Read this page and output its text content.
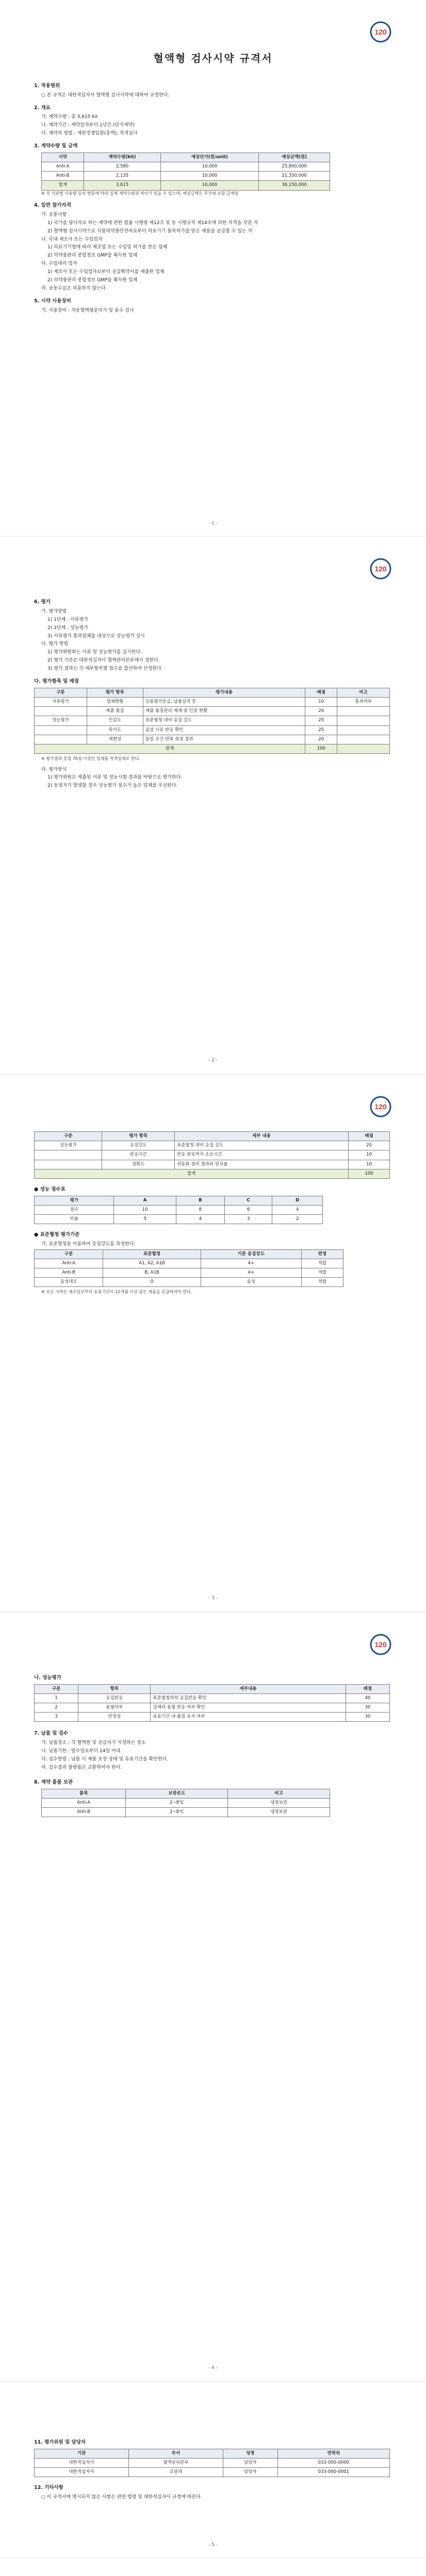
120
혈액형 검사시약 규격서
1. 적용범위
○ 본 규격은 대한적십자사 혈액형 검사시약에 대하여 규정한다.
2. 개요
가. 계약수량 : 총 3,615 kit
나. 계약기간 : 계약일자부터 1년간 (단가계약)
다. 계약의 방법 : 제한경쟁입찰(총액), 적격심사
3. 계약수량 및 금액
시약	계약수량(kit)	예상단가(원/unit)	예상금액(원)
Anti-A	2,580	10,000	25,800,000
Anti-B	2,135	10,000	21,350,000
합계	3,615	10,000	36,150,000
※ 각 기관별 사용량 등의 변동에 따라 실제 계약수량과 차이가 있을 수 있으며, 예상금액은 부가세 포함 금액임
4. 일반 참가자격
가. 공통사항
1) 국가를 당사자로 하는 계약에 관한 법률 시행령 제12조 및 동 시행규칙 제14조에 의한 자격을 갖춘 자
2) 혈액형 검사시약으로 식품의약품안전처로부터 의료기기 품목허가를 받은 제품을 공급할 수 있는 자
나. 국내 제조사 또는 수입업자
1) 의료기기법에 따라 제조업 또는 수입업 허가를 받은 업체
2) 의약품관리 종합정보 GMP를 획득한 업체
다. 수입대리 업자
1) 제조사 또는 수입업자로부터 공급확약서를 제출한 업체
2) 의약품관리 종합정보 GMP를 획득한 업체
라. 공동수급은 허용하지 않는다.
5. 시약 사용장비
가. 사용장비 : 자동혈액형분석기 및 용수 검사
- 1 -
120
6. 평가
가. 평가방법
1) 1단계 : 서류평가
2) 2단계 : 성능평가
3) 서류평가 통과업체를 대상으로 성능평가 실시
나. 평가 방법
1) 평가위원회는 서류 및 성능평가를 실시한다.
2) 평가 기준은 대한적십자사 혈액관리본부에서 정한다.
3) 평가 결과는 각 세부항목별 점수를 합산하여 산정한다.
다. 평가항목 및 배점
구분	평가 항목	평가내용	배점	비고
서류평가	업체현황	신용평가등급, 납품실적 등	10	통과여부
	제품 품질	제품 품질관리 체계 및 인증 현황	20	
성능평가	민감도	표준혈청 대비 응집 강도	25	
	특이도	음성 시료 반응 확인	25	
	재현성	동일 조건 반복 측정 결과	20	
합계			100	
※ 평가결과 총점 70점 이상인 업체를 적격업체로 한다.
라. 평가방식
1) 평가위원은 제출된 서류 및 성능시험 결과를 바탕으로 평가한다.
2) 동점자가 발생할 경우 성능평가 점수가 높은 업체를 우선한다.
- 2 -
120
구분	평가 항목	세부 내용	배점
성능평가	응집강도	표준혈청 대비 응집 강도	20
	반응시간	반응 완료까지 소요시간	10
	정확도	자동화 장비 결과와 일치율	10
합계			100
● 성능 점수표
평가	A	B	C	D
점수	10	8	6	4
비율	5	4	3	2
● 표준혈청 평가기준
가. 표준혈청을 이용하여 응집강도를 측정한다.
구분	표준혈청	기준 응집강도	판정
Anti-A	A1, A2, A1B	4+	적합
Anti-B	B, A1B	4+	적합
음성대조	O	음성	적합
※ 모든 시약은 제조일로부터 유효기간이 12개월 이상 남은 제품을 공급하여야 한다.
- 3 -
120
나. 성능평가
구분	항목	세부내용	배점
1	응집반응	표준혈청과의 응집반응 확인	40
2	용혈여부	검체의 용혈 반응 여부 확인	30
3	안정성	유효기간 내 품질 유지 여부	30
7. 납품 및 검수
가. 납품장소 : 각 혈액원 및 공급처가 지정하는 장소
나. 납품기한 : 발주일로부터 14일 이내
다. 검수방법 : 납품 시 제품 포장 상태 및 유효기간을 확인한다.
라. 검수결과 불량품은 교환하여야 한다.
8. 계약 물품 보관
품목	보관온도	비고
Anti-A	2~8℃	냉장보관
Anti-B	2~8℃	냉장보관
- 4 -
11. 평가위원 및 담당자
기관	부서	성명	연락처
대한적십자사	혈액관리본부	담당자	033-000-0000
대한적십자사	조달과	담당자	033-000-0001
12. 기타사항
○ 이 규격서에 명시되지 않은 사항은 관련 법령 및 대한적십자사 규정에 따른다.
- 5 -
